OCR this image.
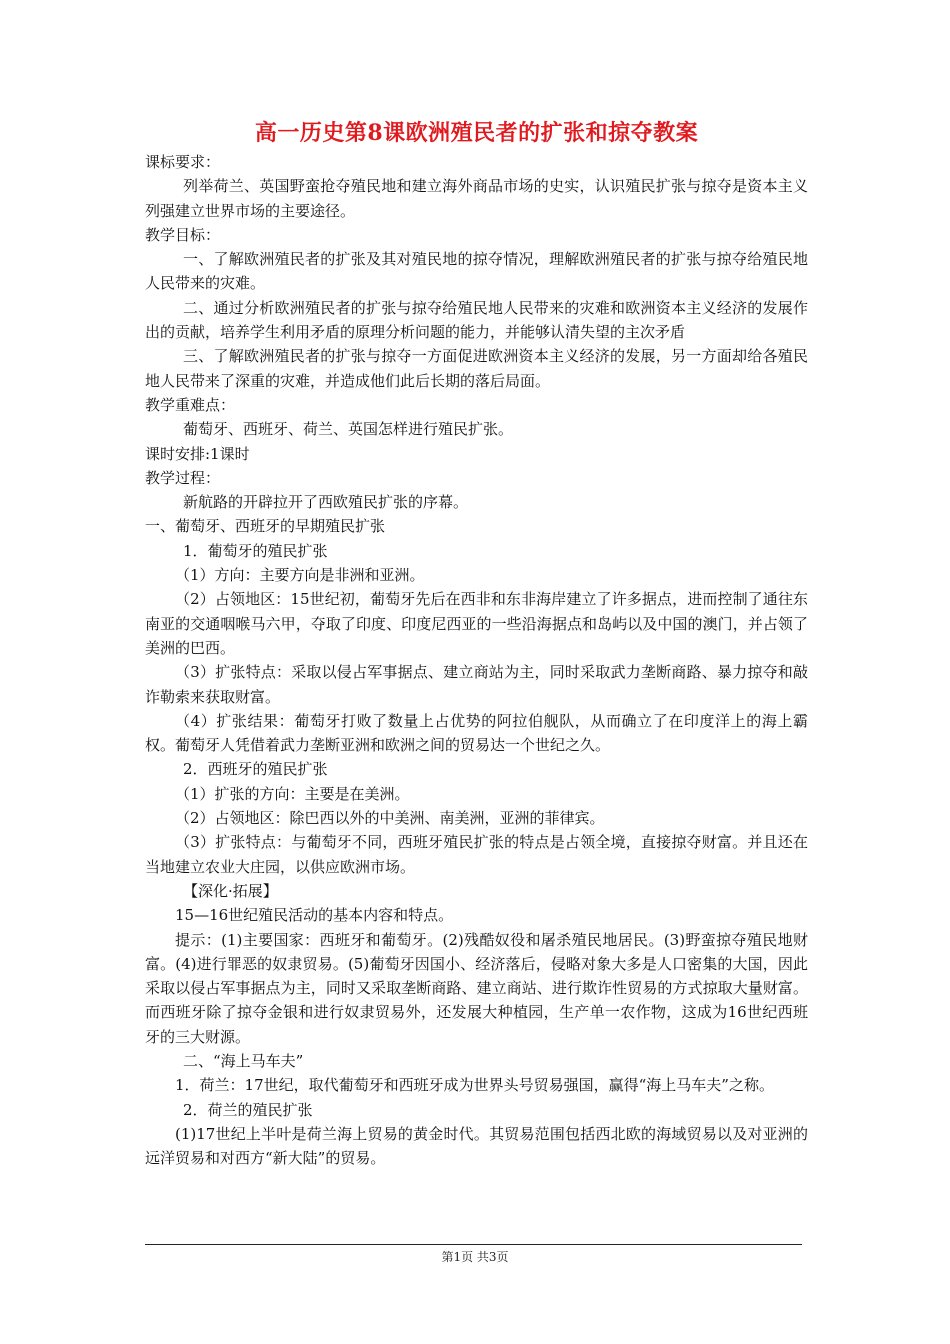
高一历史第8课欧洲殖民者的扩张和掠夺教案

课标要求：

列举荷兰、英国野蛮抢夺殖民地和建立海外商品市场的史实，认识殖民扩张与掠夺是资本主义列强建立世界市场的主要途径。

教学目标：

一、了解欧洲殖民者的扩张及其对殖民地的掠夺情况，理解欧洲殖民者的扩张与掠夺给殖民地人民带来的灾难。

二、通过分析欧洲殖民者的扩张与掠夺给殖民地人民带来的灾难和欧洲资本主义经济的发展作出的贡献，培养学生利用矛盾的原理分析问题的能力，并能够认清失望的主次矛盾

三、了解欧洲殖民者的扩张与掠夺一方面促进欧洲资本主义经济的发展，另一方面却给各殖民地人民带来了深重的灾难，并造成他们此后长期的落后局面。

教学重难点：

葡萄牙、西班牙、荷兰、英国怎样进行殖民扩张。

课时安排:1课时

教学过程：

新航路的开辟拉开了西欧殖民扩张的序幕。

一、葡萄牙、西班牙的早期殖民扩张

1．葡萄牙的殖民扩张

（1）方向：主要方向是非洲和亚洲。

（2）占领地区：15世纪初，葡萄牙先后在西非和东非海岸建立了许多据点，进而控制了通往东南亚的交通咽喉马六甲，夺取了印度、印度尼西亚的一些沿海据点和岛屿以及中国的澳门，并占领了美洲的巴西。

（3）扩张特点：采取以侵占军事据点、建立商站为主，同时采取武力垄断商路、暴力掠夺和敲诈勒索来获取财富。

（4）扩张结果：葡萄牙打败了数量上占优势的阿拉伯舰队，从而确立了在印度洋上的海上霸权。葡萄牙人凭借着武力垄断亚洲和欧洲之间的贸易达一个世纪之久。

2．西班牙的殖民扩张

（1）扩张的方向：主要是在美洲。

（2）占领地区：除巴西以外的中美洲、南美洲，亚洲的菲律宾。

（3）扩张特点：与葡萄牙不同，西班牙殖民扩张的特点是占领全境，直接掠夺财富。并且还在当地建立农业大庄园，以供应欧洲市场。

【深化·拓展】

15—16世纪殖民活动的基本内容和特点。

提示：(1)主要国家：西班牙和葡萄牙。(2)残酷奴役和屠杀殖民地居民。(3)野蛮掠夺殖民地财富。(4)进行罪恶的奴隶贸易。(5)葡萄牙因国小、经济落后，侵略对象大多是人口密集的大国，因此采取以侵占军事据点为主，同时又采取垄断商路、建立商站、进行欺诈性贸易的方式掠取大量财富。而西班牙除了掠夺金银和进行奴隶贸易外，还发展大种植园，生产单一农作物，这成为16世纪西班牙的三大财源。

二、“海上马车夫”

1．荷兰：17世纪，取代葡萄牙和西班牙成为世界头号贸易强国，赢得“海上马车夫”之称。

2．荷兰的殖民扩张

(1)17世纪上半叶是荷兰海上贸易的黄金时代。其贸易范围包括西北欧的海域贸易以及对亚洲的远洋贸易和对西方“新大陆”的贸易。

第1页 共3页
